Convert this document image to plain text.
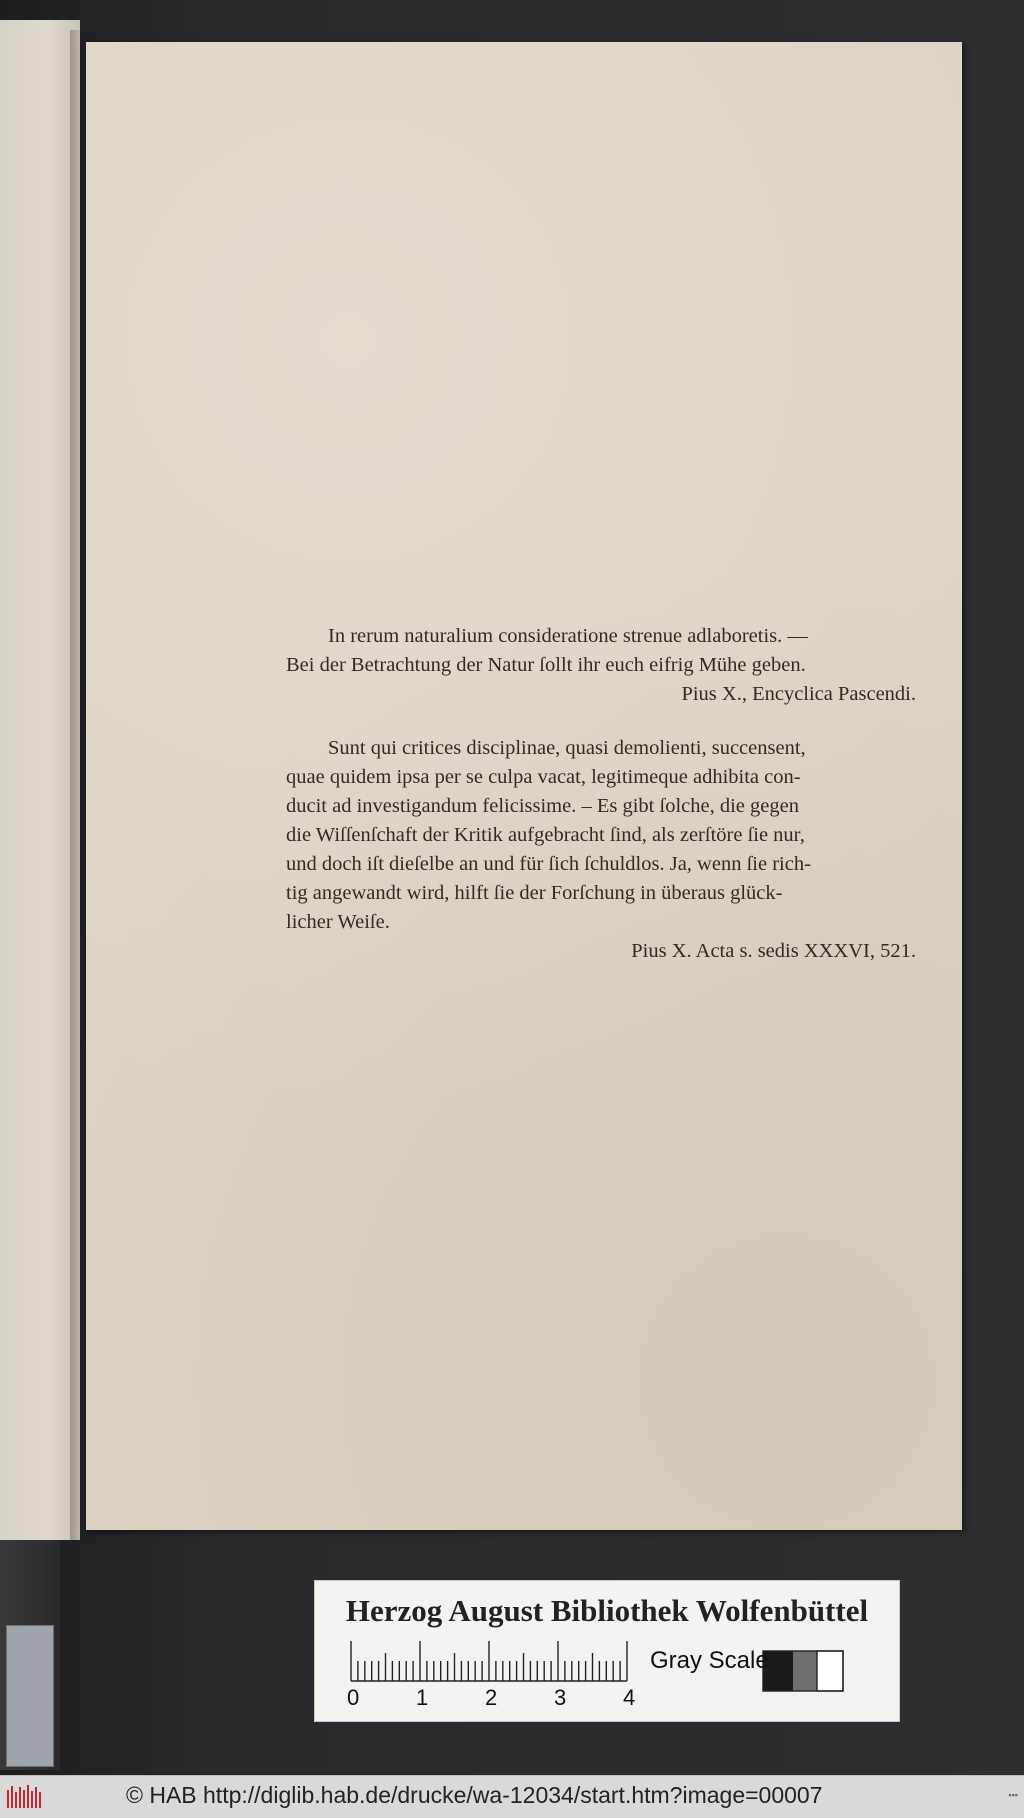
In rerum naturalium consideratione strenue adlaboretis. —
Bei der Betrachtung der Natur ſollt ihr euch eifrig Mühe geben.
Pius X., Encyclica Pascendi.
Sunt qui critices disciplinae, quasi demolienti, succensent,
quae quidem ipsa per se culpa vacat, legitimeque adhibita con-
ducit ad investigandum felicissime. – Es gibt ſolche, die gegen
die Wiſſenſchaft der Kritik aufgebracht ſind, als zerſtöre ſie nur,
und doch iſt dieſelbe an und für ſich ſchuldlos. Ja, wenn ſie rich-
tig angewandt wird, hilft ſie der Forſchung in überaus glück-
licher Weiſe.
Pius X. Acta s. sedis XXXVI, 521.
Herzog August Bibliothek Wolfenbüttel
Gray Scale
0	1	2	3	4
© HAB http://diglib.hab.de/drucke/wa-12034/start.htm?image=00007	▪▪▪
